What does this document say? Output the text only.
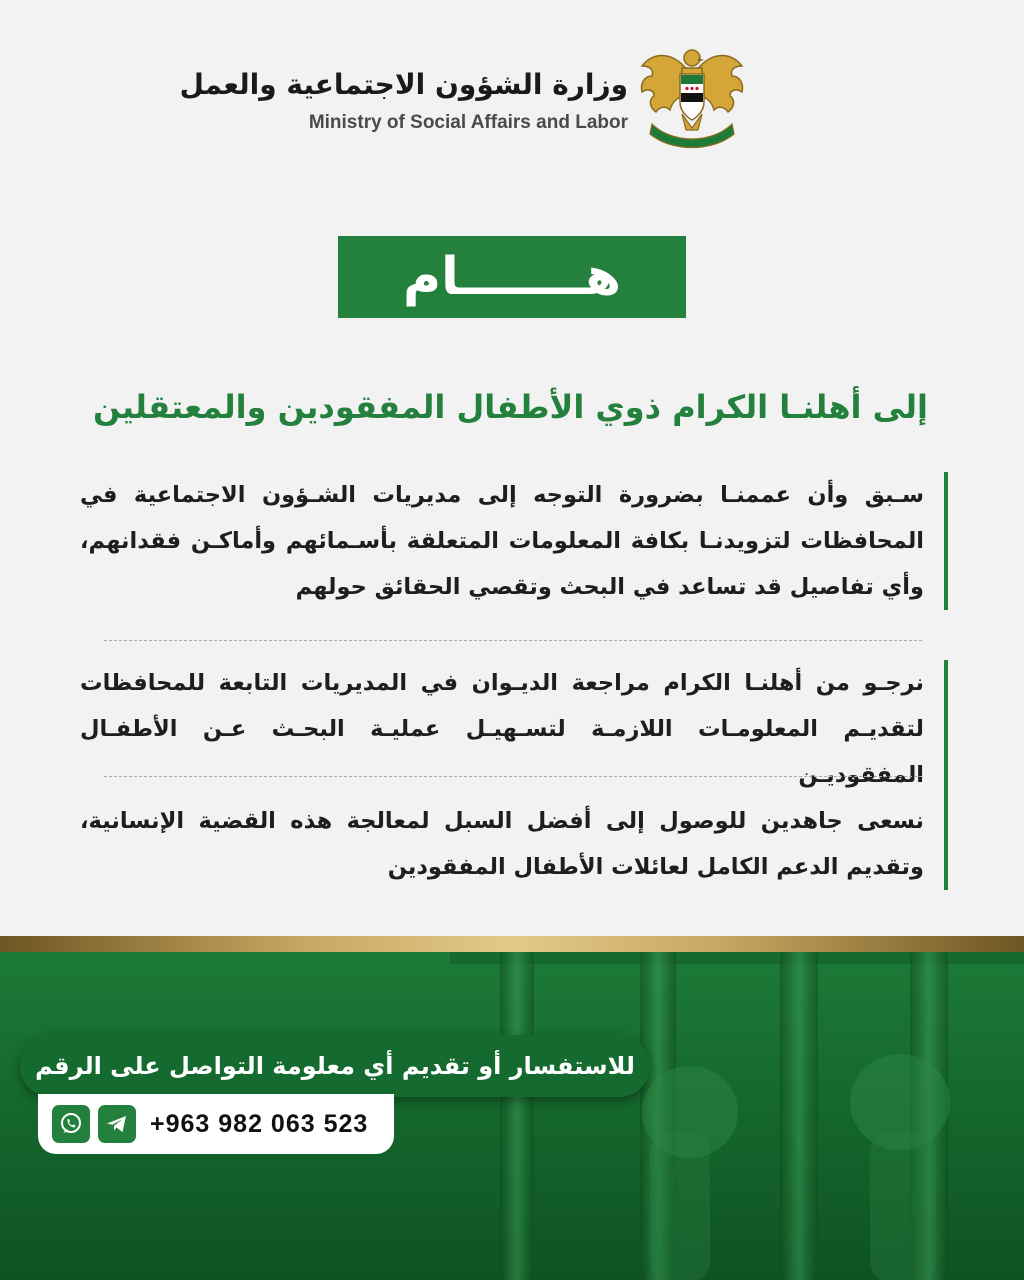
وزارة الشؤون الاجتماعية والعمل
Ministry of Social Affairs and Labor
هـــــــام
إلى أهلنـا الكرام ذوي الأطفال المفقودين والمعتقلين
سـبق وأن عممنـا بضرورة التوجه إلى مديريات الشـؤون الاجتماعية في المحافظات لتزويدنـا بكافة المعلومات المتعلقة بأسـمائهم وأماكـن فقدانهم، وأي تفاصيل قد تساعد في البحث وتقصي الحقائق حولهم
نرجـو من أهلنـا الكرام مراجعة الديـوان في المديريات التابعة للمحافظات لتقديـم المعلومـات اللازمـة لتسـهيـل عمليـة البحـث عـن الأطفـال المفقوديـن
نسعى جاهدين للوصول إلى أفضل السبل لمعالجة هذه القضية الإنسانية، وتقديم الدعم الكامل لعائلات الأطفال المفقودين
للاستفسار أو تقديم أي معلومة التواصل على الرقم
+963 982 063 523
